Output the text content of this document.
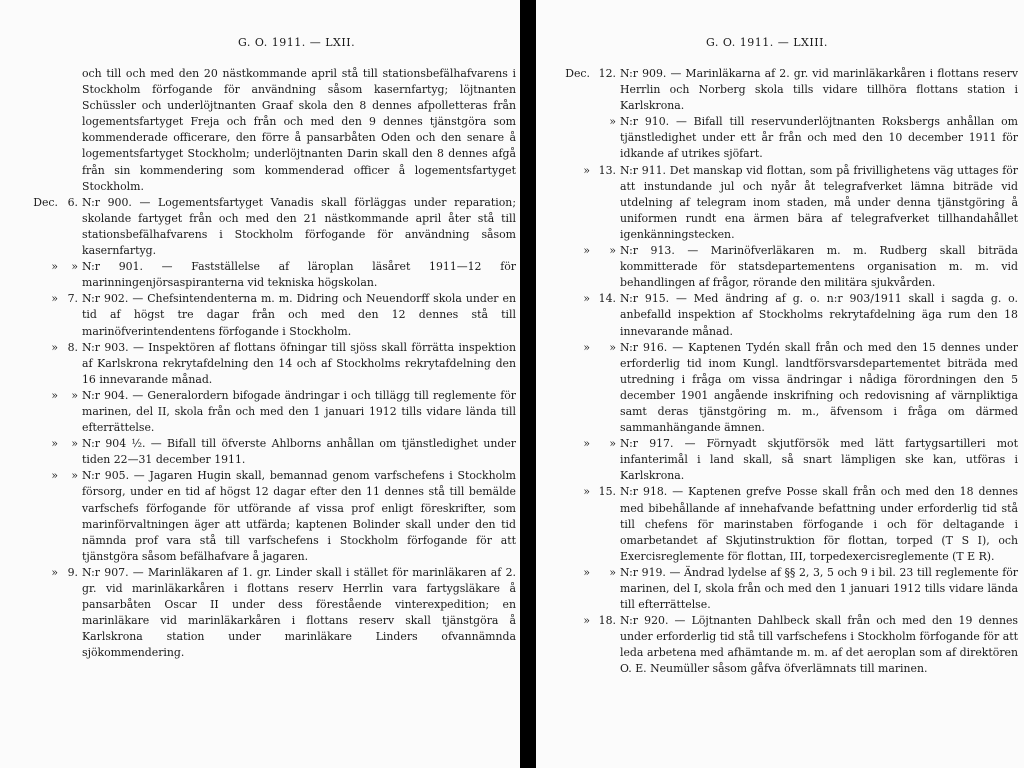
G. O. 1911. — LXII.
och till och med den 20 nästkommande april stå till stationsbefälhafvarens i Stockholm förfogande för användning såsom kasernfartyg; löjtnanten Schüssler och underlöjtnanten Graaf skola den 8 dennes afpolletteras från logementsfartyget Freja och från och med den 9 dennes tjänstgöra som kommenderade officerare, den förre å pansarbåten Oden och den senare å logementsfartyget Stockholm; underlöjtnanten Darin skall den 8 dennes afgå från sin kommendering som kommenderad officer å logementsfartyget Stockholm.
Dec. 6. N:r 900. — Logementsfartyget Vanadis skall förläggas under reparation; skolande fartyget från och med den 21 nästkommande april åter stå till stationsbefälhafvarens i Stockholm förfogande för användning såsom kasernfartyg.
»	» N:r 901. — Fastställelse af läroplan läsåret 1911—12 för marinningenjörsaspiranterna vid tekniska högskolan.
» 7. N:r 902. — Chefsintendenterna m. m. Didring och Neuendorff skola under en tid af högst tre dagar från och med den 12 dennes stå till marinöfverintendentens förfogande i Stockholm.
» 8. N:r 903. — Inspektören af flottans öfningar till sjöss skall förrätta inspektion af Karlskrona rekrytafdelning den 14 och af Stockholms rekrytafdelning den 16 innevarande månad.
»	» N:r 904. — Generalordern bifogade ändringar i och tillägg till reglemente för marinen, del II, skola från och med den 1 januari 1912 tills vidare lända till efterrättelse.
»	» N:r 904 ½. — Bifall till öfverste Ahlborns anhållan om tjänstledighet under tiden 22—31 december 1911.
»	» N:r 905. — Jagaren Hugin skall, bemannad genom varfschefens i Stockholm försorg, under en tid af högst 12 dagar efter den 11 dennes stå till bemälde varfschefs förfogande för utförande af vissa prof enligt föreskrifter, som marinförvaltningen äger att utfärda; kaptenen Bolinder skall under den tid nämnda prof vara stå till varfschefens i Stockholm förfogande för att tjänstgöra såsom befälhafvare å jagaren.
» 9. N:r 907. — Marinläkaren af 1. gr. Linder skall i stället för marinläkaren af 2. gr. vid marinläkarkåren i flottans reserv Herrlin vara fartygsläkare å pansarbåten Oscar II under dess förestående vinterexpedition; en marinläkare vid marinläkarkåren i flottans reserv skall tjänstgöra å Karlskrona station under marinläkare Linders ofvannämnda sjökommendering.
G. O. 1911. — LXIII.
Dec. 12. N:r 909. — Marinläkarna af 2. gr. vid marinläkarkåren i flottans reserv Herrlin och Norberg skola tills vidare tillhöra flottans station i Karlskrona.
» N:r 910. — Bifall till reservunderlöjtnanten Roksbergs anhållan om tjänstledighet under ett år från och med den 10 december 1911 för idkande af utrikes sjöfart.
» 13. N:r 911. Det manskap vid flottan, som på frivillighetens väg uttages för att instundande jul och nyår åt telegrafverket lämna biträde vid utdelning af telegram inom staden, må under denna tjänstgöring å uniformen rundt ena ärmen bära af telegrafverket tillhandahållet igenkänningstecken.
»	» N:r 913. — Marinöfverläkaren m. m. Rudberg skall biträda kommitterade för statsdepartementens organisation m. m. vid behandlingen af frågor, rörande den militära sjukvården.
» 14. N:r 915. — Med ändring af g. o. n:r 903/1911 skall i sagda g. o. anbefalld inspektion af Stockholms rekrytafdelning äga rum den 18 innevarande månad.
»	» N:r 916. — Kaptenen Tydén skall från och med den 15 dennes under erforderlig tid inom Kungl. landtförsvarsdepartementet biträda med utredning i fråga om vissa ändringar i nådiga förordningen den 5 december 1901 angående inskrifning och redovisning af värnpliktiga samt deras tjänstgöring m. m., äfvensom i fråga om därmed sammanhängande ämnen.
»	» N:r 917. — Förnyadt skjutförsök med lätt fartygsartilleri mot infanterimål i land skall, så snart lämpligen ske kan, utföras i Karlskrona.
» 15. N:r 918. — Kaptenen grefve Posse skall från och med den 18 dennes med bibehållande af innehafvande befattning under erforderlig tid stå till chefens för marinstaben förfogande i och för deltagande i omarbetandet af Skjutinstruktion för flottan, torped (T S I), och Exercisreglemente för flottan, III, torpedexercisreglemente (T E R).
»	» N:r 919. — Ändrad lydelse af §§ 2, 3, 5 och 9 i bil. 23 till reglemente för marinen, del I, skola från och med den 1 januari 1912 tills vidare lända till efterrättelse.
» 18. N:r 920. — Löjtnanten Dahlbeck skall från och med den 19 dennes under erforderlig tid stå till varfschefens i Stockholm förfogande för att leda arbetena med afhämtande m. m. af det aeroplan som af direktören O. E. Neumüller såsom gåfva öfverlämnats till marinen.
